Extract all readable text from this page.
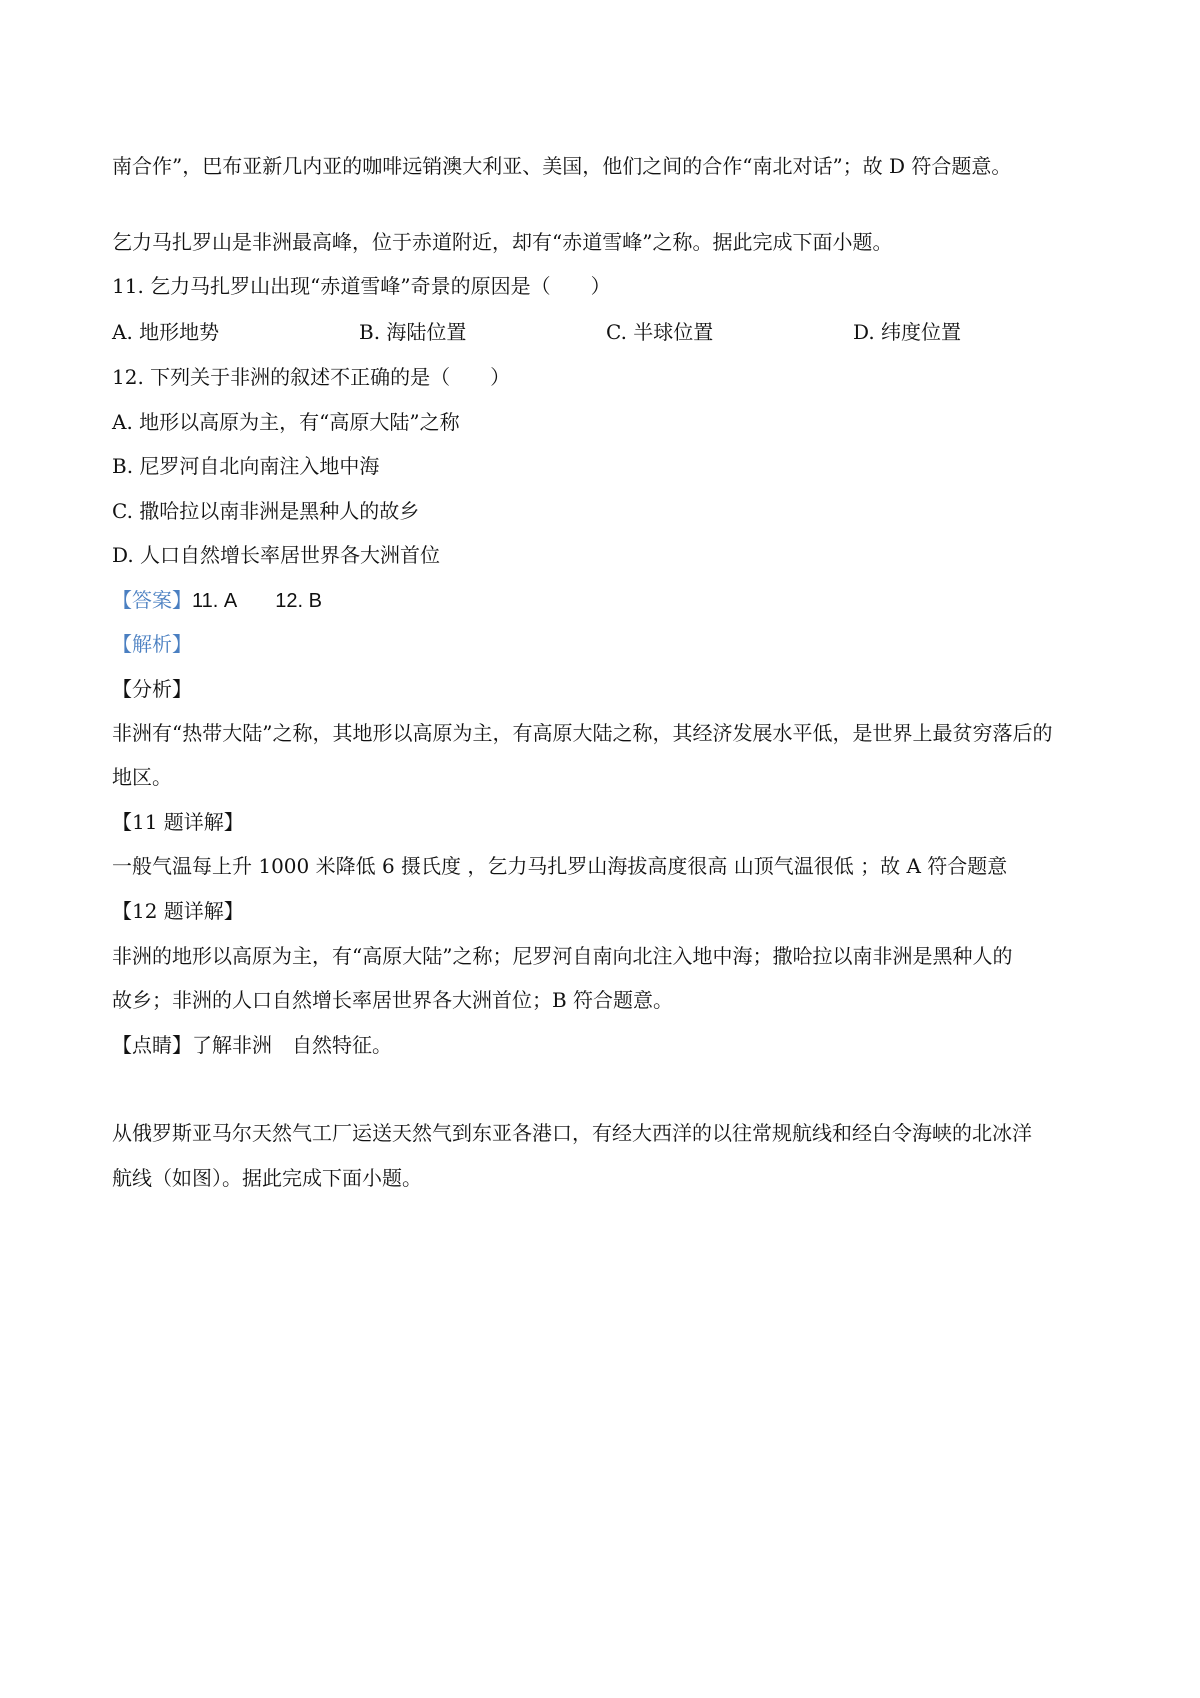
南合作”，巴布亚新几内亚的咖啡远销澳大利亚、美国，他们之间的合作“南北对话”；故 D 符合题意。
乞力马扎罗山是非洲最高峰，位于赤道附近，却有“赤道雪峰”之称。据此完成下面小题。
11. 乞力马扎罗山出现“赤道雪峰”奇景的原因是（　　）
A. 地形地势	B. 海陆位置	C. 半球位置	D. 纬度位置
12. 下列关于非洲的叙述不正确的是（　　）
A. 地形以高原为主，有“高原大陆”之称
B. 尼罗河自北向南注入地中海
C. 撒哈拉以南非洲是黑种人的故乡
D. 人口自然增长率居世界各大洲首位
【答案】11. A 12. B
【解析】
【分析】
非洲有“热带大陆”之称，其地形以高原为主，有高原大陆之称，其经济发展水平低，是世界上最贫穷落后的
地区。
【11 题详解】
一般气温每上升 1000 米降低 6 摄氏度 ，乞力马扎罗山海拔高度很高 山顶气温很低 ；故 A 符合题意
【12 题详解】
非洲的地形以高原为主，有“高原大陆”之称；尼罗河自南向北注入地中海；撒哈拉以南非洲是黑种人的
故乡；非洲的人口自然增长率居世界各大洲首位；B 符合题意。
【点睛】了解非洲　自然特征。
从俄罗斯亚马尔天然气工厂运送天然气到东亚各港口，有经大西洋的以往常规航线和经白令海峡的北冰洋
航线（如图）。据此完成下面小题。
